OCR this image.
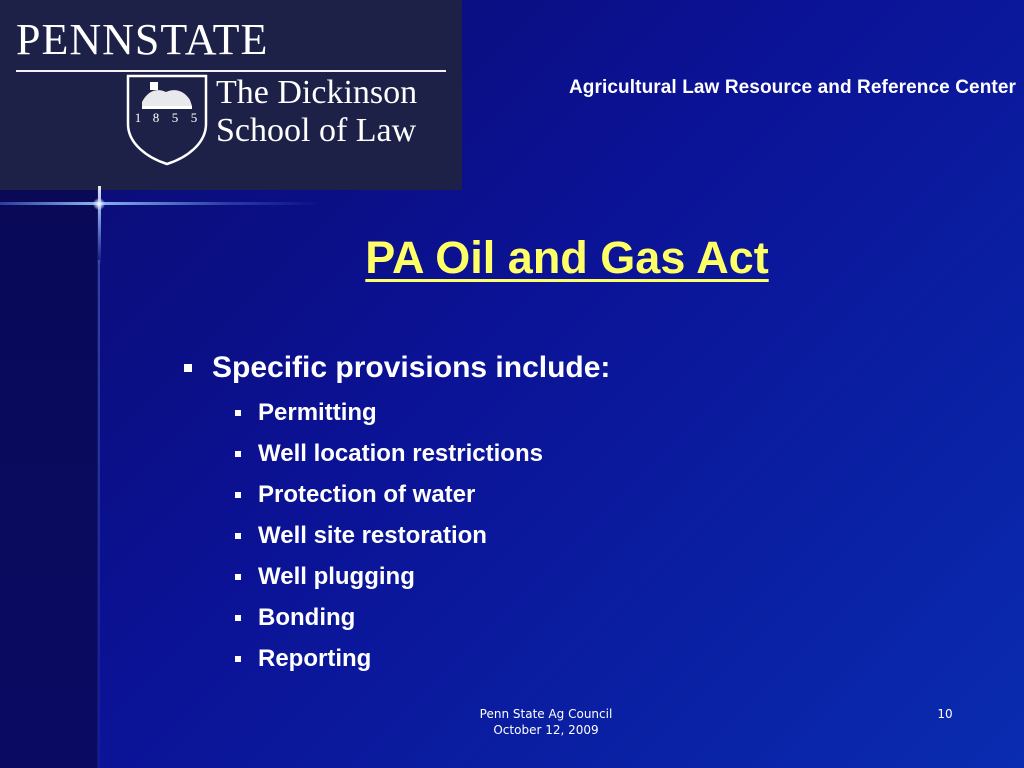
PENNSTATE
1 8 5 5
The Dickinson
School of Law
Agricultural Law Resource and Reference Center
PA Oil and Gas Act
Specific provisions include:
Permitting
Well location restrictions
Protection of water
Well site restoration
Well plugging
Bonding
Reporting
Penn State Ag Council
October 12, 2009
10
